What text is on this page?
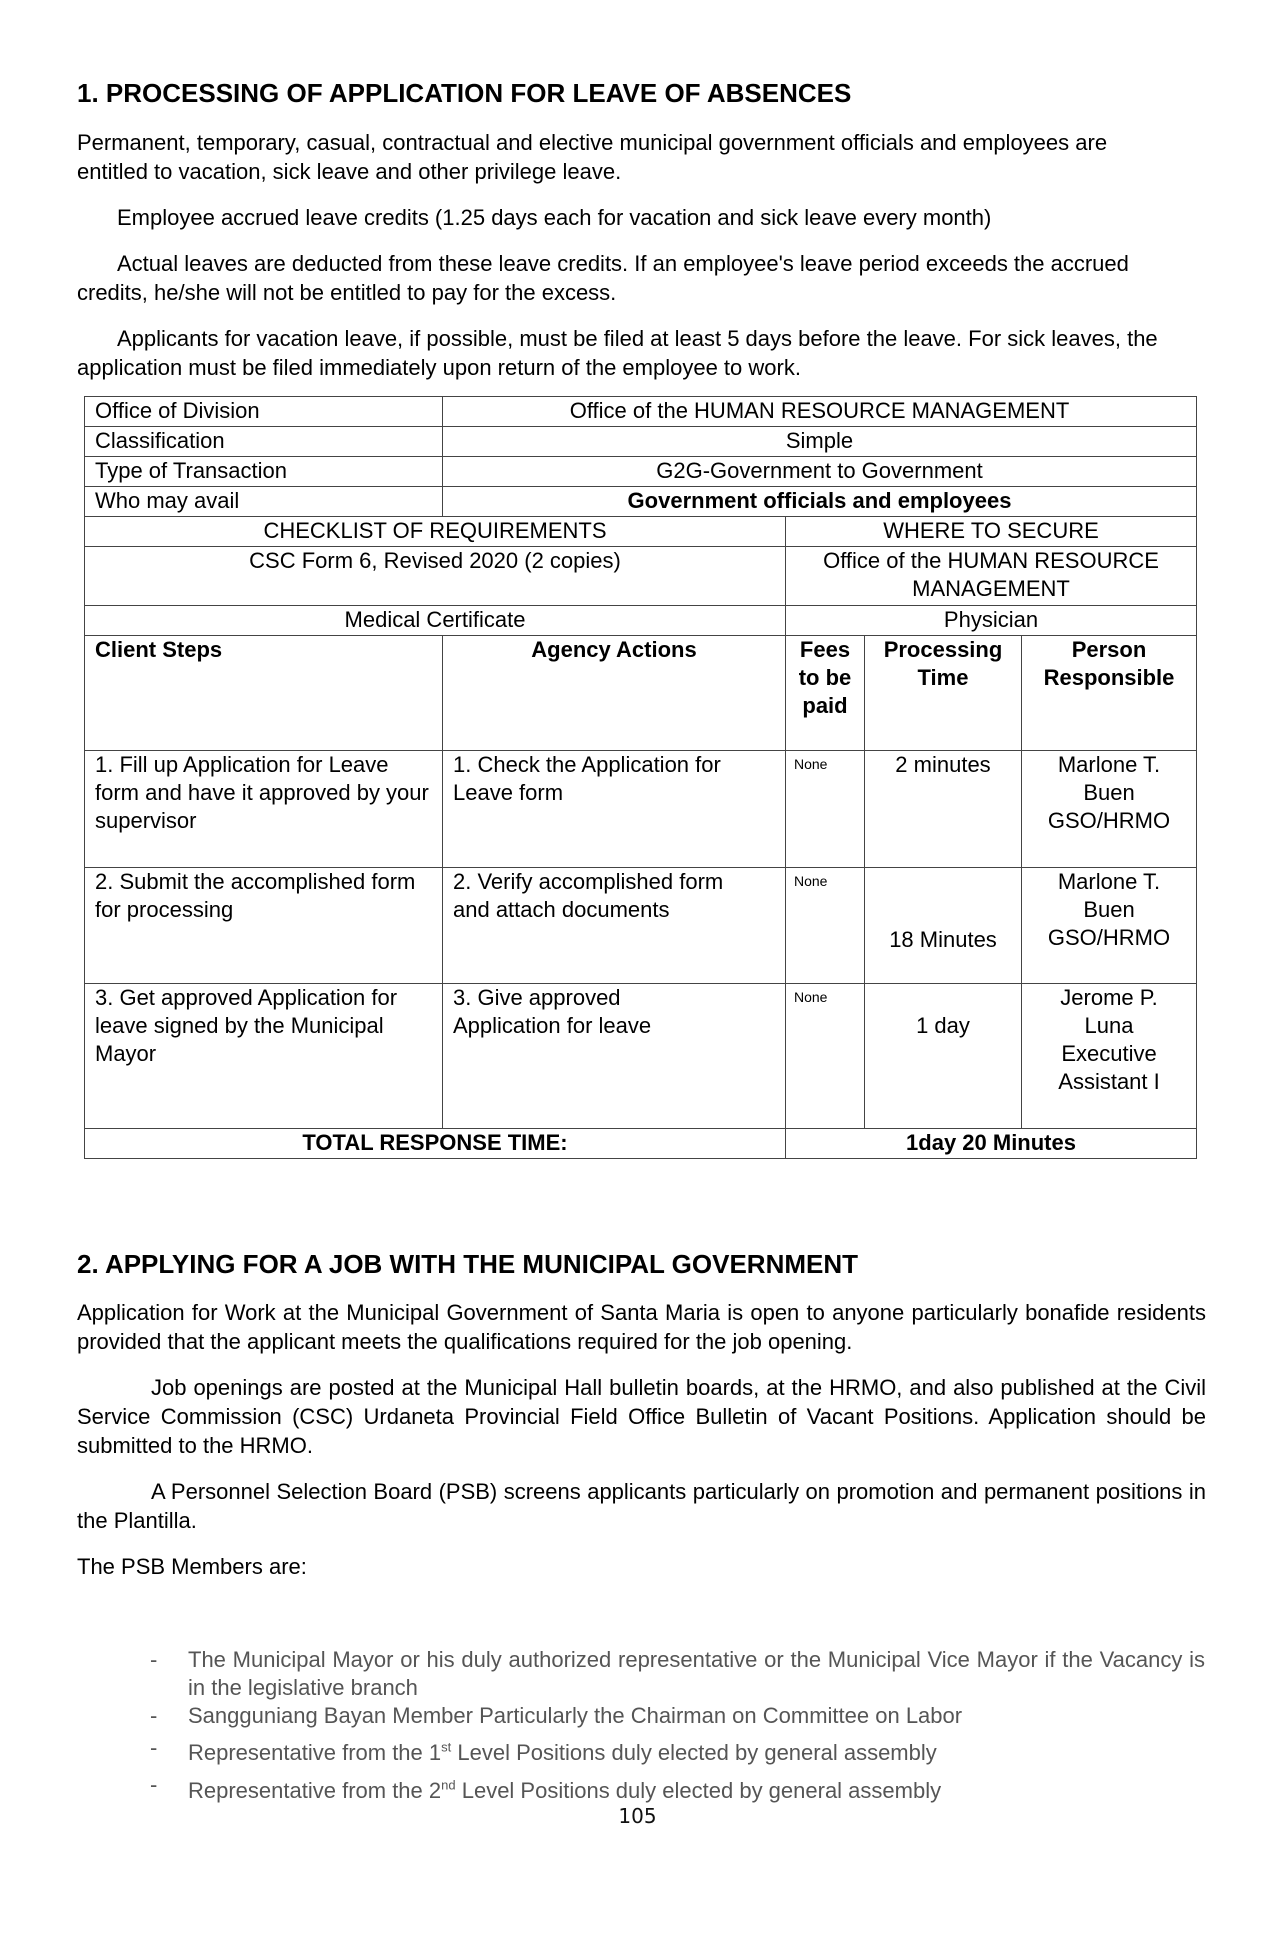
1. PROCESSING OF APPLICATION FOR LEAVE OF ABSENCES

Permanent, temporary, casual, contractual and elective municipal government officials and employees are entitled to vacation, sick leave and other privilege leave.

Employee accrued leave credits (1.25 days each for vacation and sick leave every month)

Actual leaves are deducted from these leave credits. If an employee's leave period exceeds the accrued credits, he/she will not be entitled to pay for the excess.

Applicants for vacation leave, if possible, must be filed at least 5 days before the leave. For sick leaves, the application must be filed immediately upon return of the employee to work.

Office of Division	Office of the HUMAN RESOURCE MANAGEMENT			
Classification	Simple			
Type of Transaction	G2G-Government to Government			
Who may avail	Government officials and employees			
CHECKLIST OF REQUIREMENTS		WHERE TO SECURE		
CSC Form 6, Revised 2020 (2 copies)		Office of the HUMAN RESOURCE MANAGEMENT		
Medical Certificate		Physician		
Client Steps	Agency Actions	Fees to be paid	Processing Time	Person Responsible
1. Fill up Application for Leave form and have it approved by your supervisor	1. Check the Application for Leave form	None	2 minutes	Marlone T. Buen GSO/HRMO
2. Submit the accomplished form for processing	2. Verify accomplished form and attach documents	None	18 Minutes	Marlone T. Buen GSO/HRMO
3. Get approved Application for leave signed by the Municipal Mayor	3. Give approved Application for leave	None	1 day	Jerome P. Luna Executive Assistant I
TOTAL RESPONSE TIME:		1day 20 Minutes		
2. APPLYING FOR A JOB WITH THE MUNICIPAL GOVERNMENT

Application for Work at the Municipal Government of Santa Maria is open to anyone particularly bonafide residents provided that the applicant meets the qualifications required for the job opening.

Job openings are posted at the Municipal Hall bulletin boards, at the HRMO, and also published at the Civil Service Commission (CSC) Urdaneta Provincial Field Office Bulletin of Vacant Positions. Application should be submitted to the HRMO.

A Personnel Selection Board (PSB) screens applicants particularly on promotion and permanent positions in the Plantilla.

The PSB Members are:

- The Municipal Mayor or his duly authorized representative or the Municipal Vice Mayor if the Vacancy is in the legislative branch
- Sangguniang Bayan Member Particularly the Chairman on Committee on Labor
- Representative from the 1st Level Positions duly elected by general assembly
- Representative from the 2nd Level Positions duly elected by general assembly
105
